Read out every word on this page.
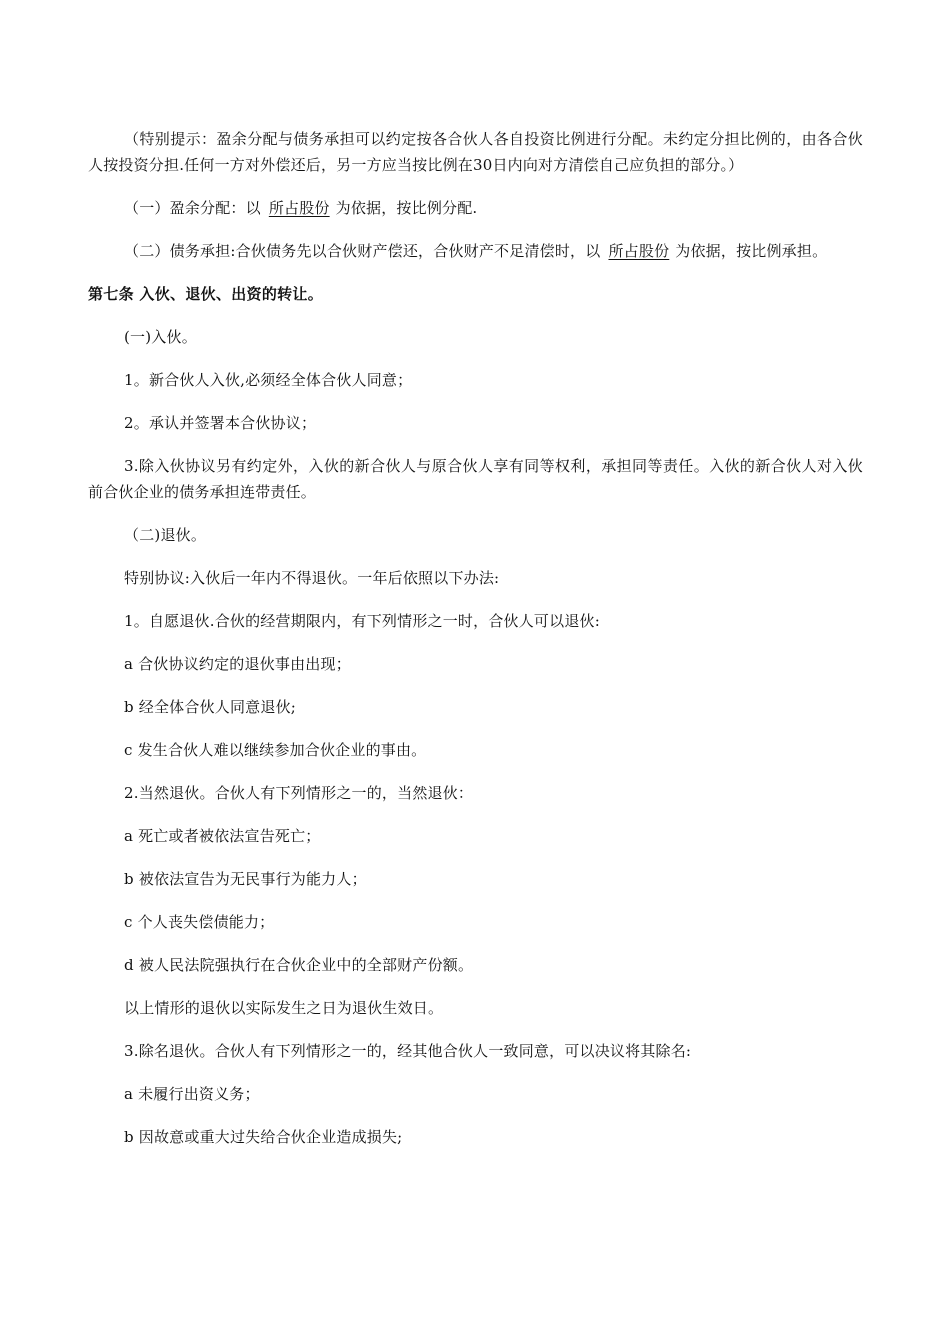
（特别提示：盈余分配与债务承担可以约定按各合伙人各自投资比例进行分配。未约定分担比例的，由各合伙人按投资分担.任何一方对外偿还后，另一方应当按比例在30日内向对方清偿自己应负担的部分。）

（一）盈余分配：以 所占股份 为依据，按比例分配.

（二）债务承担:合伙债务先以合伙财产偿还，合伙财产不足清偿时，以 所占股份 为依据，按比例承担。

第七条 入伙、退伙、出资的转让。

(一)入伙。

1。新合伙人入伙,必须经全体合伙人同意；

2。承认并签署本合伙协议；

3.除入伙协议另有约定外，入伙的新合伙人与原合伙人享有同等权利，承担同等责任。入伙的新合伙人对入伙前合伙企业的债务承担连带责任。

（二)退伙。

特别协议:入伙后一年内不得退伙。一年后依照以下办法:

1。自愿退伙.合伙的经营期限内，有下列情形之一时，合伙人可以退伙:

a 合伙协议约定的退伙事由出现；

b 经全体合伙人同意退伙;

c 发生合伙人难以继续参加合伙企业的事由。

2.当然退伙。合伙人有下列情形之一的，当然退伙：

a 死亡或者被依法宣告死亡；

b 被依法宣告为无民事行为能力人；

c 个人丧失偿债能力；

d 被人民法院强执行在合伙企业中的全部财产份额。

以上情形的退伙以实际发生之日为退伙生效日。

3.除名退伙。合伙人有下列情形之一的，经其他合伙人一致同意，可以决议将其除名:

a 未履行出资义务；

b 因故意或重大过失给合伙企业造成损失;
